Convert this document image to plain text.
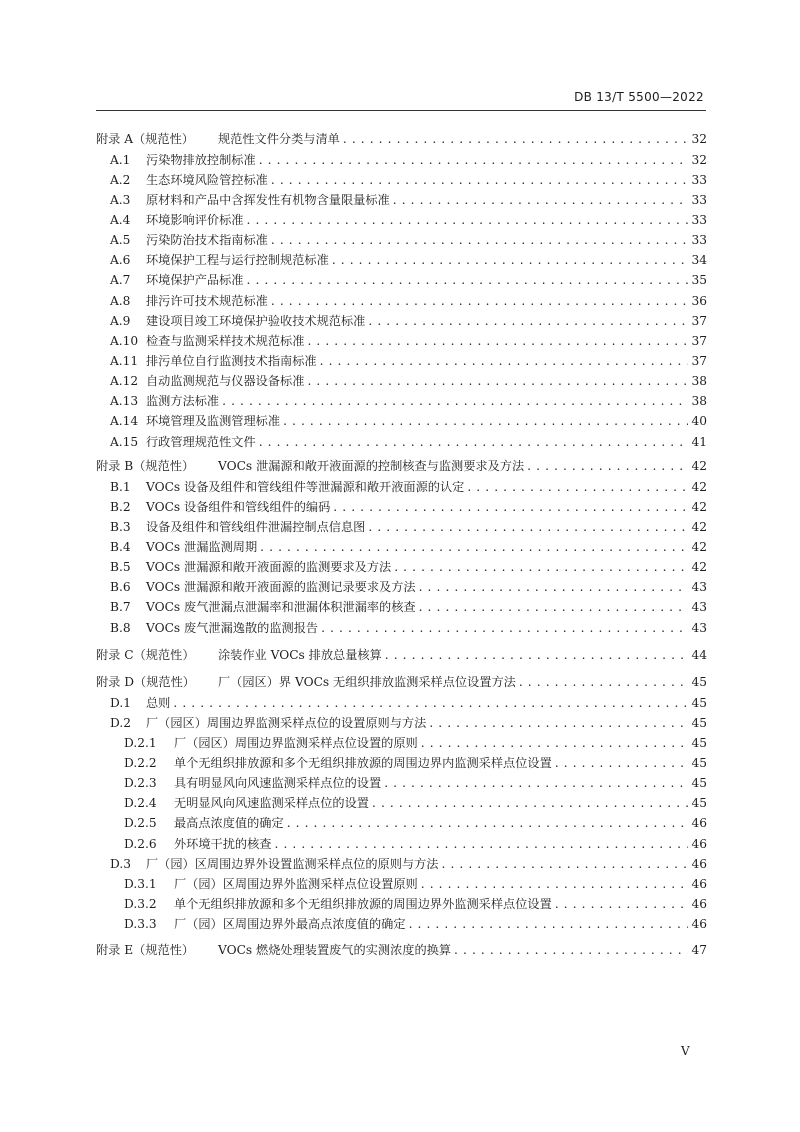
DB 13/T 5500—2022
附录 A（规范性）	规范性文件分类与清单 . . .	32
A.1	污染物排放控制标准 . . .	32
A.2	生态环境风险管控标准 . . .	33
A.3	原材料和产品中含挥发性有机物含量限量标准 . . .	33
A.4	环境影响评价标准 . . .	33
A.5	污染防治技术指南标准 . . .	33
A.6	环境保护工程与运行控制规范标准 . . .	34
A.7	环境保护产品标准 . . .	35
A.8	排污许可技术规范标准 . . .	36
A.9	建设项目竣工环境保护验收技术规范标准 . . .	37
A.10 检查与监测采样技术规范标准 . . .	37
A.11 排污单位自行监测技术指南标准 . . .	37
A.12 自动监测规范与仪器设备标准 . . .	38
A.13 监测方法标准 . . .	38
A.14 环境管理及监测管理标准 . . .	40
A.15 行政管理规范性文件 . . .	41
附录 B（规范性）	VOCs 泄漏源和敞开液面源的控制核查与监测要求及方法 . . .	42
B.1	VOCs 设备及组件和管线组件等泄漏源和敞开液面源的认定 . . .	42
B.2	VOCs 设备组件和管线组件的编码 . . .	42
B.3	设备及组件和管线组件泄漏控制点信息图 . . .	42
B.4	VOCs 泄漏监测周期 . . .	42
B.5	VOCs 泄漏源和敞开液面源的监测要求及方法 . . .	42
B.6	VOCs 泄漏源和敞开液面源的监测记录要求及方法 . . .	43
B.7	VOCs 废气泄漏点泄漏率和泄漏体积泄漏率的核查 . . .	43
B.8	VOCs 废气泄漏逸散的监测报告 . . .	43
附录 C（规范性）	涂装作业 VOCs 排放总量核算 . . .	44
附录 D（规范性）	厂（园区）界 VOCs 无组织排放监测采样点位设置方法 . . .	45
D.1	总则 . . .	45
D.2	厂（园区）周围边界监测采样点位的设置原则与方法 . . .	45
D.2.1	厂（园区）周围边界监测采样点位设置的原则 . . .	45
D.2.2	单个无组织排放源和多个无组织排放源的周围边界内监测采样点位设置 . . .	45
D.2.3	具有明显风向风速监测采样点位的设置 . . .	45
D.2.4	无明显风向风速监测采样点位的设置 . . .	45
D.2.5	最高点浓度值的确定 . . .	46
D.2.6	外环境干扰的核查 . . .	46
D.3	厂（园）区周围边界外设置监测采样点位的原则与方法 . . .	46
D.3.1	厂（园）区周围边界外监测采样点位设置原则 . . .	46
D.3.2	单个无组织排放源和多个无组织排放源的周围边界外监测采样点位设置 . . .	46
D.3.3	厂（园）区周围边界外最高点浓度值的确定 . . .	46
附录 E（规范性）	VOCs 燃烧处理装置废气的实测浓度的换算 . . .	47
V
